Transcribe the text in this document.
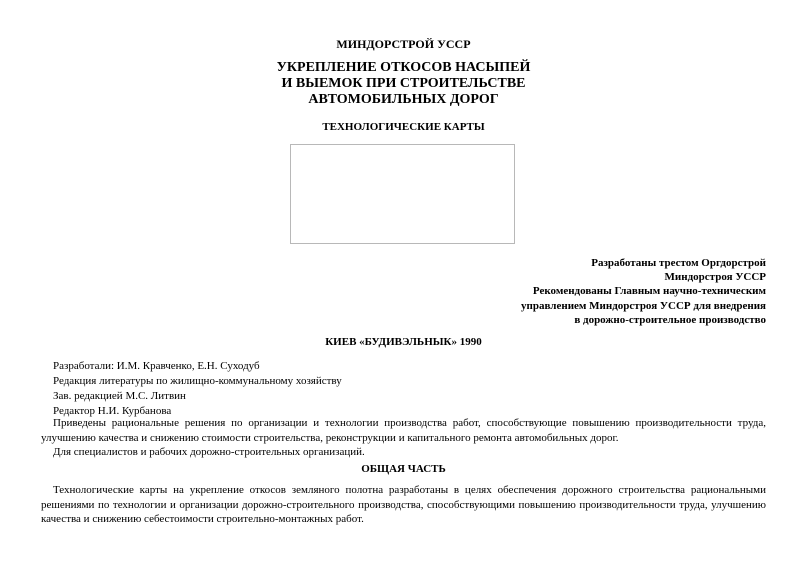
МИНДОРСТРОЙ УССР
УКРЕПЛЕНИЕ ОТКОСОВ НАСЫПЕЙ
И ВЫЕМОК ПРИ СТРОИТЕЛЬСТВЕ
АВТОМОБИЛЬНЫХ ДОРОГ
ТЕХНОЛОГИЧЕСКИЕ КАРТЫ
Разработаны трестом Оргдорстрой
Миндорстроя УССР
Рекомендованы Главным научно-техническим
управлением Миндорстроя УССР для внедрения
в дорожно-строительное производство
КИЕВ «БУДИВЭЛЬНЫК» 1990
Разработали: И.М. Кравченко, Е.Н. Суходуб
Редакция литературы по жилищно-коммунальному хозяйству
Зав. редакцией М.С. Литвин
Редактор Н.И. Курбанова
Приведены рациональные решения по организации и технологии производства работ, способствующие повышению производительности труда, улучшению качества и снижению стоимости строительства, реконструкции и капитального ремонта автомобильных дорог.
Для специалистов и рабочих дорожно-строительных организаций.
ОБЩАЯ ЧАСТЬ
Технологические карты на укрепление откосов земляного полотна разработаны в целях обеспечения дорожного строительства рациональными решениями по технологии и организации дорожно-строительного производства, способствующими повышению производительности труда, улучшению качества и снижению себестоимости строительно-монтажных работ.
